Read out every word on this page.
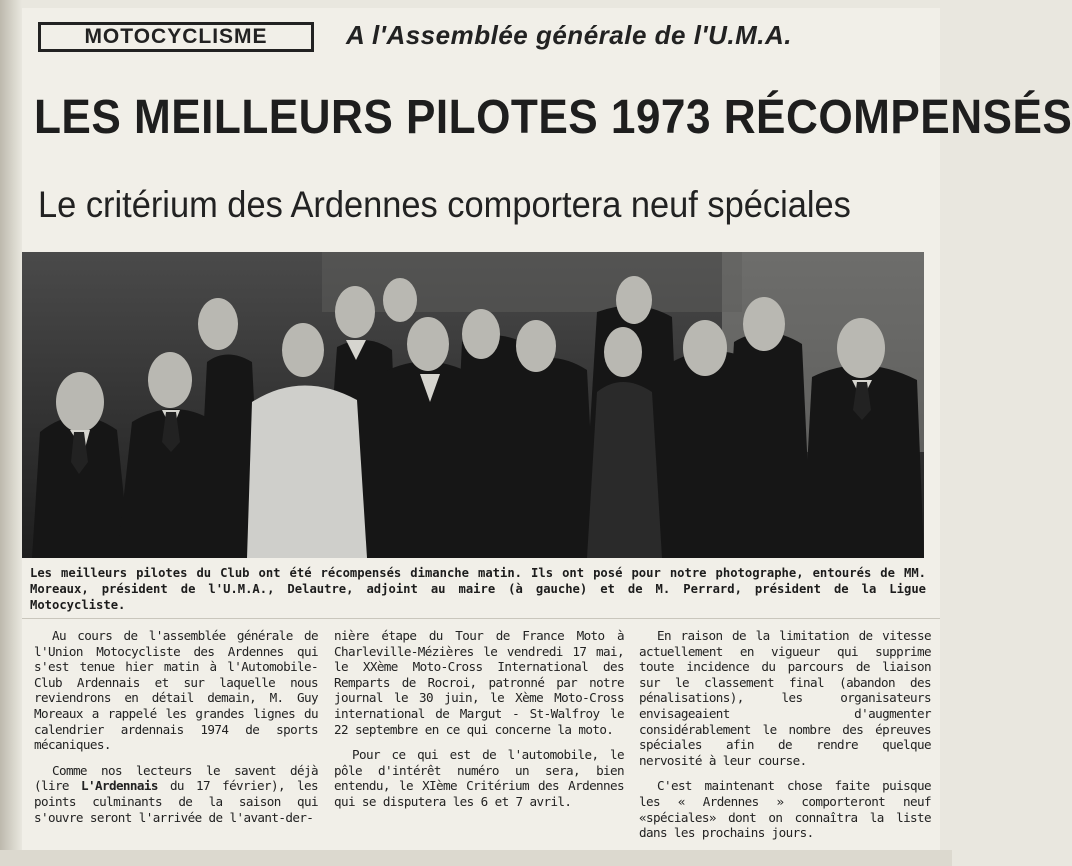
MOTOCYCLISME	A l'Assemblée générale de l'U.M.A.
LES MEILLEURS PILOTES 1973 RÉCOMPENSÉS
Le critérium des Ardennes comportera neuf spéciales
Les meilleurs pilotes du Club ont été récompensés dimanche matin. Ils ont posé pour notre photographe, entourés de MM. Moreaux, président de l'U.M.A., Delautre, adjoint au maire (à gauche) et de M. Perrard, président de la Ligue Motocycliste.

Au cours de l'assemblée générale de l'Union Motocycliste des Ardennes qui s'est tenue hier matin à l'Automobile-Club Ardennais et sur laquelle nous reviendrons en détail demain, M. Guy Moreaux a rappelé les grandes lignes du calendrier ardennais 1974 de sports mécaniques.

Comme nos lecteurs le savent déjà (lire L'Ardennais du 17 février), les points culminants de la saison qui s'ouvre seront l'arrivée de l'avant-der-

nière étape du Tour de France Moto à Charleville-Mézières le vendredi 17 mai, le XXème Moto-Cross International des Remparts de Rocroi, patronné par notre journal le 30 juin, le Xème Moto-Cross international de Margut - St-Walfroy le 22 septembre en ce qui concerne la moto.

Pour ce qui est de l'automobile, le pôle d'intérêt numéro un sera, bien entendu, le XIème Critérium des Ardennes qui se disputera les 6 et 7 avril.

En raison de la limitation de vitesse actuellement en vigueur qui supprime toute incidence du parcours de liaison sur le classement final (abandon des pénalisations), les organisateurs envisageaient d'augmenter considérablement le nombre des épreuves spéciales afin de rendre quelque nervosité à leur course.

C'est maintenant chose faite puisque les « Ardennes » comporteront neuf «spéciales» dont on connaîtra la liste dans les prochains jours.
